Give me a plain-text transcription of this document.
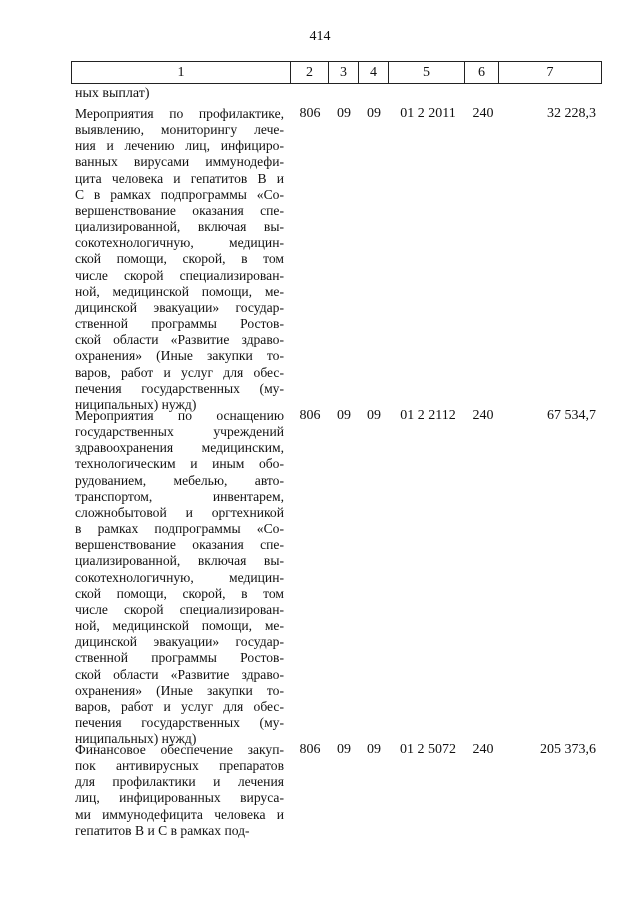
414
1	2	3	4	5	6	7
ных выплат)

Мероприятия по профилактике,
выявлению, мониторингу лече-
ния и лечению лиц, инфициро-
ванных вирусами иммунодефи-
цита человека и гепатитов В и
С в рамках подпрограммы «Со-
вершенствование оказания спе-
циализированной, включая вы-
сокотехнологичную, медицин-
ской помощи, скорой, в том
числе скорой специализирован-
ной, медицинской помощи, ме-
дицинской эвакуации» государ-
ственной программы Ростов-
ской области «Развитие здраво-
охранения» (Иные закупки то-
варов, работ и услуг для обес-
печения государственных (му-
ниципальных) нужд)

806	09	09	01 2 2011	240	32 228,3

Мероприятия по оснащению
государственных учреждений
здравоохранения медицинским,
технологическим и иным обо-
рудованием, мебелью, авто-
транспортом, инвентарем,
сложнобытовой и оргтехникой
в рамках подпрограммы «Со-
вершенствование оказания спе-
циализированной, включая вы-
сокотехнологичную, медицин-
ской помощи, скорой, в том
числе скорой специализирован-
ной, медицинской помощи, ме-
дицинской эвакуации» государ-
ственной программы Ростов-
ской области «Развитие здраво-
охранения» (Иные закупки то-
варов, работ и услуг для обес-
печения государственных (му-
ниципальных) нужд)

806	09	09	01 2 2112	240	67 534,7

Финансовое обеспечение закуп-
пок антивирусных препаратов
для профилактики и лечения
лиц, инфицированных вируса-
ми иммунодефицита человека и
гепатитов В и С в рамках под-

806	09	09	01 2 5072	240	205 373,6
